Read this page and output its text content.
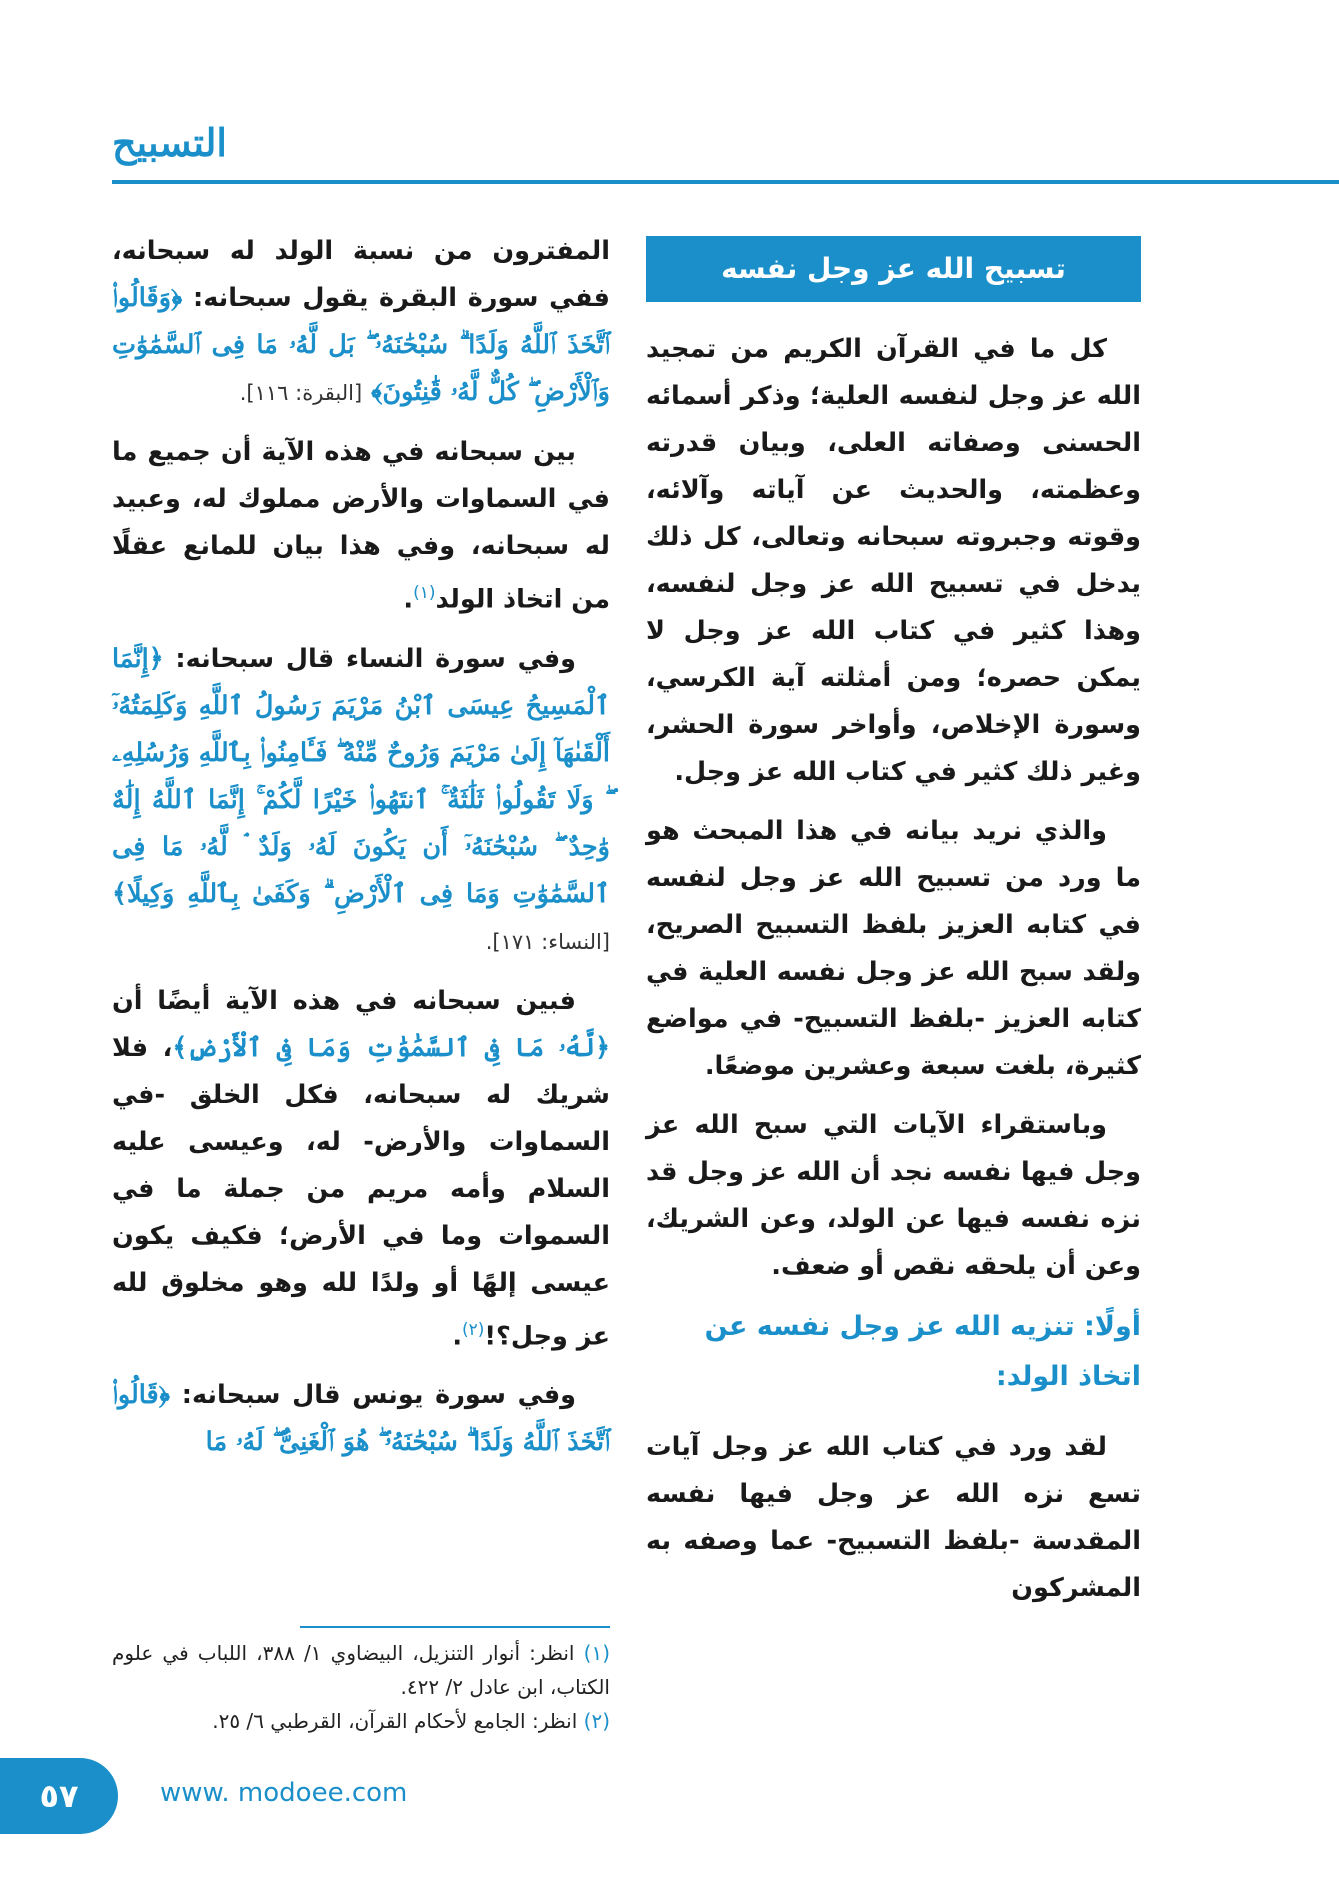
التسبيح
تسبيح الله عز وجل نفسه

كل ما في القرآن الكريم من تمجيد الله عز وجل لنفسه العلية؛ وذكر أسمائه الحسنى وصفاته العلى، وبيان قدرته وعظمته، والحديث عن آياته وآلائه، وقوته وجبروته سبحانه وتعالى، كل ذلك يدخل في تسبيح الله عز وجل لنفسه، وهذا كثير في كتاب الله عز وجل لا يمكن حصره؛ ومن أمثلته آية الكرسي، وسورة الإخلاص، وأواخر سورة الحشر، وغير ذلك كثير في كتاب الله عز وجل.

والذي نريد بيانه في هذا المبحث هو ما ورد من تسبيح الله عز وجل لنفسه في كتابه العزيز بلفظ التسبيح الصريح، ولقد سبح الله عز وجل نفسه العلية في كتابه العزيز -بلفظ التسبيح- في مواضع كثيرة، بلغت سبعة وعشرين موضعًا.

وباستقراء الآيات التي سبح الله عز وجل فيها نفسه نجد أن الله عز وجل قد نزه نفسه فيها عن الولد، وعن الشريك، وعن أن يلحقه نقص أو ضعف.

أولًا: تنزيه الله عز وجل نفسه عن اتخاذ الولد:

لقد ورد في كتاب الله عز وجل آيات تسع نزه الله عز وجل فيها نفسه المقدسة -بلفظ التسبيح- عما وصفه به المشركون

المفترون من نسبة الولد له سبحانه، ففي سورة البقرة يقول سبحانه: ﴿وَقَالُوا۟ ٱتَّخَذَ ٱللَّهُ وَلَدًا ۗ سُبْحَٰنَهُۥ ۖ بَل لَّهُۥ مَا فِى ٱلسَّمَٰوَٰتِ وَٱلْأَرْضِ ۖ كُلٌّ لَّهُۥ قَٰنِتُونَ﴾ [البقرة: ١١٦].

بين سبحانه في هذه الآية أن جميع ما في السماوات والأرض مملوك له، وعبيد له سبحانه، وفي هذا بيان للمانع عقلًا من اتخاذ الولد$^{(١)}$.

وفي سورة النساء قال سبحانه: ﴿إِنَّمَا ٱلْمَسِيحُ عِيسَى ٱبْنُ مَرْيَمَ رَسُولُ ٱللَّهِ وَكَلِمَتُهُۥٓ أَلْقَىٰهَآ إِلَىٰ مَرْيَمَ وَرُوحٌ مِّنْهُ ۖ فَـَٔامِنُوا۟ بِٱللَّهِ وَرُسُلِهِۦ ۖ وَلَا تَقُولُوا۟ ثَلَٰثَةٌ ۚ ٱنتَهُوا۟ خَيْرًا لَّكُمْ ۚ إِنَّمَا ٱللَّهُ إِلَٰهٌ وَٰحِدٌ ۖ سُبْحَٰنَهُۥٓ أَن يَكُونَ لَهُۥ وَلَدٌ ۘ لَّهُۥ مَا فِى ٱلسَّمَٰوَٰتِ وَمَا فِى ٱلْأَرْضِ ۗ وَكَفَىٰ بِٱللَّهِ وَكِيلًا﴾ [النساء: ١٧١].

فبين سبحانه في هذه الآية أيضًا أن ﴿لَّهُۥ مَا فِى ٱلسَّمَٰوَٰتِ وَمَا فِى ٱلْأَرْضِ﴾، فلا شريك له سبحانه، فكل الخلق -في السماوات والأرض- له، وعيسى عليه السلام وأمه مريم من جملة ما في السموات وما في الأرض؛ فكيف يكون عيسى إلهًا أو ولدًا لله وهو مخلوق لله عز وجل؟!$^{(٢)}$.

وفي سورة يونس قال سبحانه: ﴿قَالُوا۟ ٱتَّخَذَ ٱللَّهُ وَلَدًا ۗ سُبْحَٰنَهُۥ ۖ هُوَ ٱلْغَنِىُّ ۖ لَهُۥ مَا

(١) انظر: أنوار التنزيل، البيضاوي ١/ ٣٨٨، اللباب في علوم الكتاب، ابن عادل ٢/ ٤٢٢.

(٢) انظر: الجامع لأحكام القرآن، القرطبي ٦/ ٢٥.

٥٧	www. modoee.com
